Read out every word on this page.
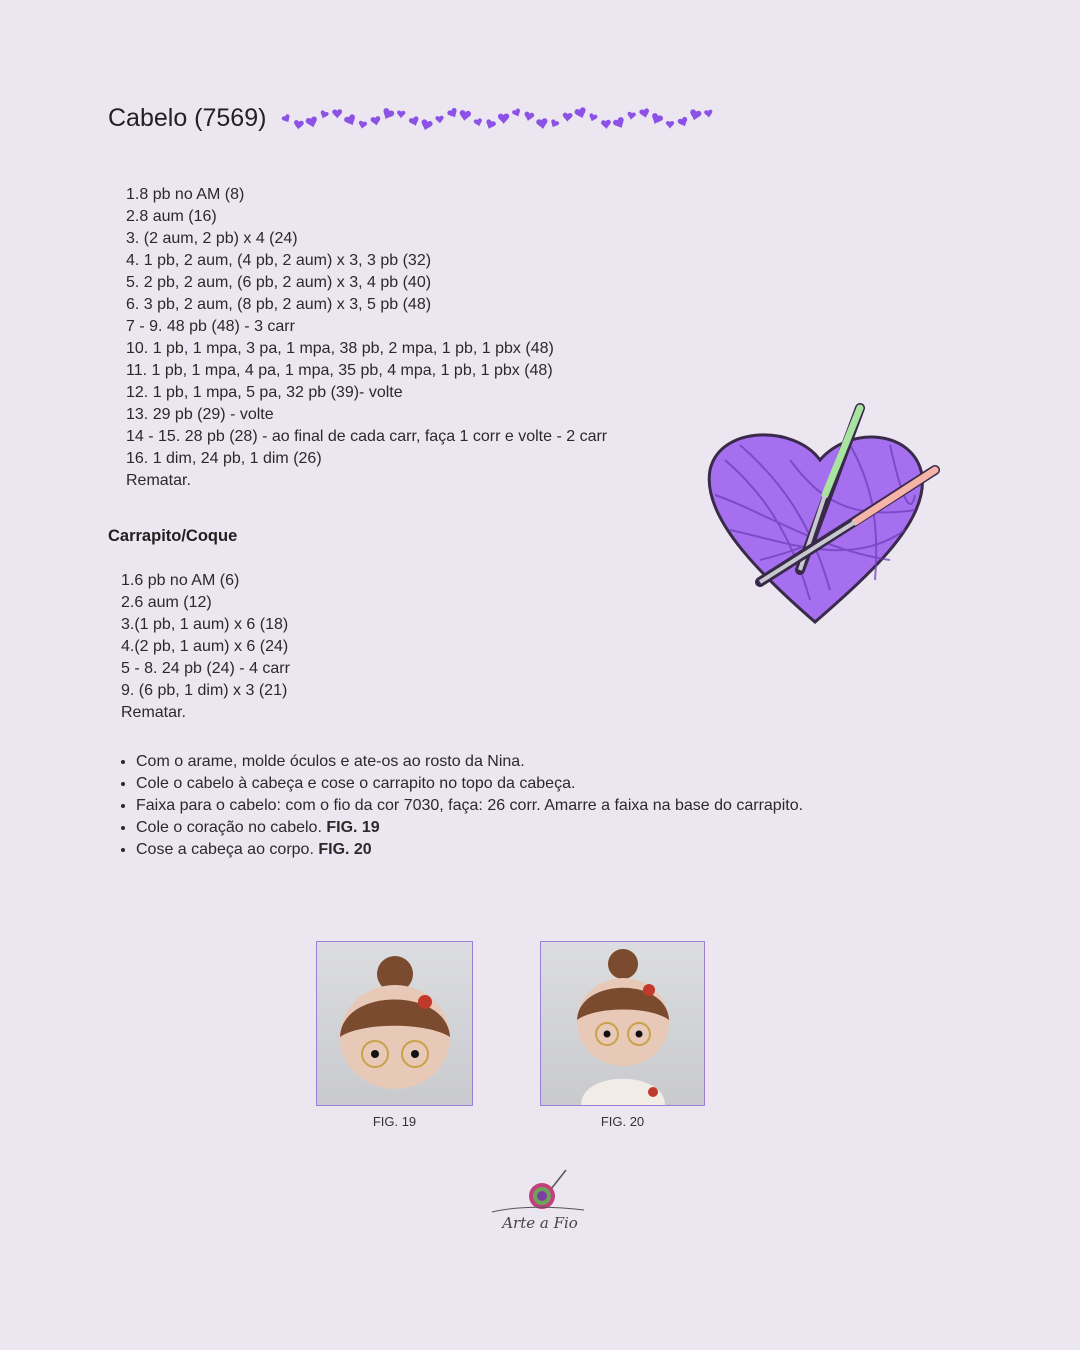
Cabelo (7569)

1.8 pb no AM (8)

2.8 aum (16)

3. (2 aum, 2 pb) x 4 (24)

4. 1 pb, 2 aum, (4 pb, 2 aum) x 3, 3 pb (32)

5. 2 pb, 2 aum, (6 pb, 2 aum) x 3, 4 pb (40)

6. 3 pb, 2 aum, (8 pb, 2 aum) x 3, 5 pb (48)

7 - 9. 48 pb (48) - 3 carr

10. 1 pb, 1 mpa, 3 pa, 1 mpa, 38 pb, 2 mpa, 1 pb, 1 pbx (48)

11. 1 pb, 1 mpa, 4 pa, 1 mpa, 35 pb, 4 mpa, 1 pb, 1 pbx (48)

12. 1 pb, 1 mpa, 5 pa, 32 pb (39)- volte

13. 29 pb (29) - volte

14 - 15. 28 pb (28) - ao final de cada carr, faça 1 corr e volte - 2 carr

16. 1 dim, 24 pb, 1 dim (26)

Rematar.

Carrapito/Coque

1.6 pb no AM (6)

2.6 aum (12)

3.(1 pb, 1 aum) x 6 (18)

4.(2 pb, 1 aum) x 6 (24)

5 - 8. 24 pb (24) - 4 carr

9. (6 pb, 1 dim) x 3 (21)

Rematar.

• Com o arame, molde óculos e ate-os ao rosto da Nina.
• Cole o cabelo à cabeça e cose o carrapito no topo da cabeça.
• Faixa para o cabelo: com o fio da cor 7030, faça: 26 corr. Amarre a faixa na base do carrapito.
• Cole o coração no cabelo. FIG. 19
• Cose a cabeça ao corpo. FIG. 20
FIG. 19	FIG. 20
Arte a Fio
